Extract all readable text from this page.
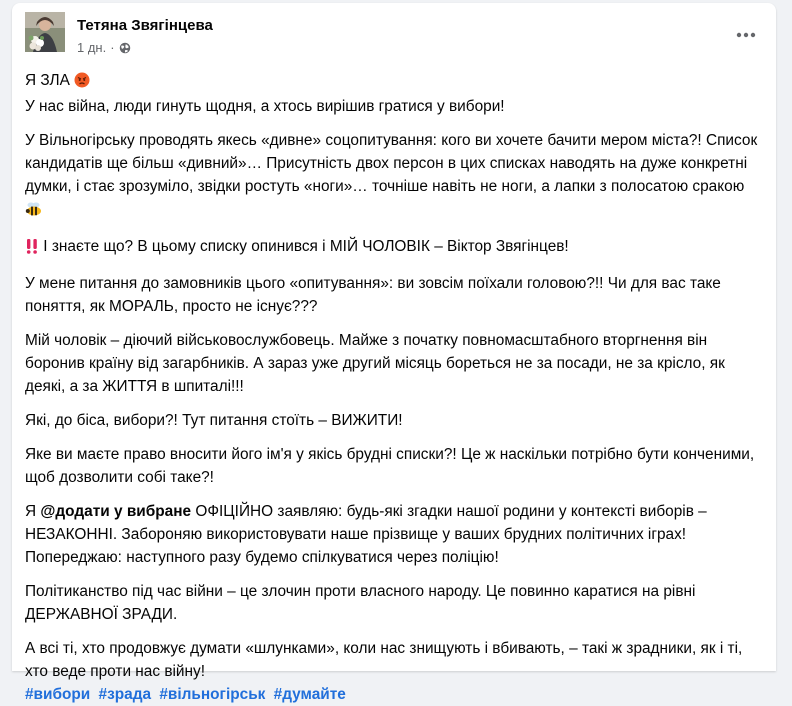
Тетяна Звягінцева
1 дн. ·

Я ЗЛА
У нас війна, люди гинуть щодня, а хтось вирішив гратися у вибори!

У Вільногірську проводять якесь «дивне» соцопитування: кого ви хочете бачити мером міста?! Список кандидатів ще більш «дивний»… Присутність двох персон в цих списках наводять на дуже конкретні думки, і стає зрозуміло, звідки ростуть «ноги»… точніше навіть не ноги, а лапки з полосатою сракою

І знаєте що? В цьому списку опинився і МІЙ ЧОЛОВІК – Віктор Звягінцев!

У мене питання до замовників цього «опитування»: ви зовсім поїхали головою?!! Чи для вас таке поняття, як МОРАЛЬ, просто не існує???

Мій чоловік – діючий військовослужбовець. Майже з початку повномасштабного вторгнення він боронив країну від загарбників. А зараз уже другий місяць бореться не за посади, не за крісло, як деякі, а за ЖИТТЯ в шпиталі!!!

Які, до біса, вибори?! Тут питання стоїть – ВИЖИТИ!

Яке ви маєте право вносити його ім'я у якісь брудні списки?! Це ж наскільки потрібно бути конченими, щоб дозволити собі таке?!

Я @додати у вибране ОФІЦІЙНО заявляю: будь-які згадки нашої родини у контексті виборів – НЕЗАКОННІ. Забороняю використовувати наше прізвище у ваших брудних політичних іграх! Попереджаю: наступного разу будемо спілкуватися через поліцію!

Політиканство під час війни – це злочин проти власного народу. Це повинно каратися на рівні ДЕРЖАВНОЇ ЗРАДИ.

А всі ті, хто продовжує думати «шлунками», коли нас знищують і вбивають, – такі ж зрадники, як і ті, хто веде проти нас війну!

#вибори #зрада #вільногірськ #думайте
